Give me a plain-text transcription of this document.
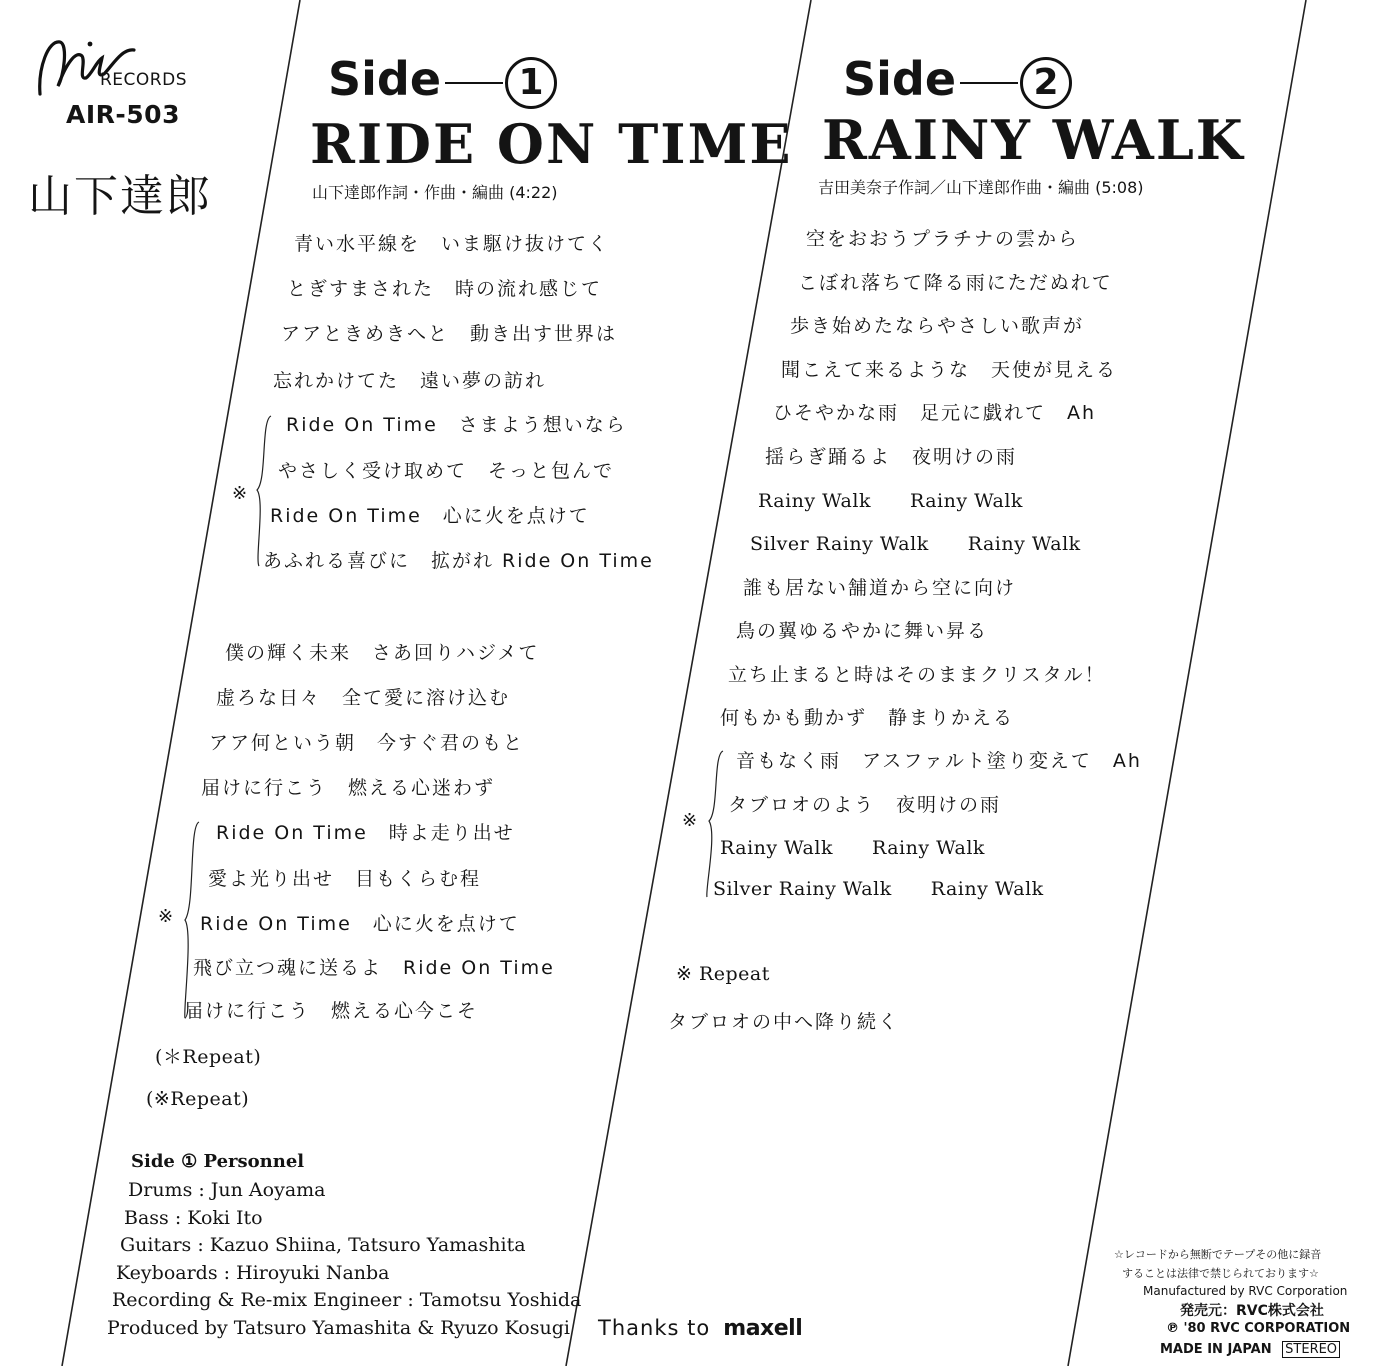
RECORDS
AIR-503
山下達郎
Side 1
RIDE ON TIME
山下達郎作詞・作曲・編曲 (4:22)
青い水平線を　いま駆け抜けてく
とぎすまされた　時の流れ感じて
アアときめきへと　動き出す世界は
忘れかけてた　遠い夢の訪れ
※
Ride On Time　さまよう想いなら
やさしく受け取めて　そっと包んで
Ride On Time　心に火を点けて
あふれる喜びに　拡がれ Ride On Time
僕の輝く未来　さあ回りハジメて
虚ろな日々　全て愛に溶け込む
アア何という朝　今すぐ君のもと
届けに行こう　燃える心迷わず
※
Ride On Time　時よ走り出せ
愛よ光り出せ　目もくらむ程
Ride On Time　心に火を点けて
飛び立つ魂に送るよ　Ride On Time
届けに行こう　燃える心今こそ
(＊Repeat)
(※Repeat)
Side ① Personnel
Drums : Jun Aoyama
Bass : Koki Ito
Guitars : Kazuo Shiina, Tatsuro Yamashita
Keyboards : Hiroyuki Nanba
Recording & Re-mix Engineer : Tamotsu Yoshida
Produced by Tatsuro Yamashita & Ryuzo Kosugi
Side 2
RAINY WALK
吉田美奈子作詞／山下達郎作曲・編曲 (5:08)
空をおおうプラチナの雲から
こぼれ落ちて降る雨にただぬれて
歩き始めたならやさしい歌声が
聞こえて来るような　天使が見える
ひそやかな雨　足元に戯れて　Ah
揺らぎ踊るよ　夜明けの雨
Rainy Walk　　Rainy Walk
Silver Rainy Walk　　Rainy Walk
誰も居ない舗道から空に向け
鳥の翼ゆるやかに舞い昇る
立ち止まると時はそのままクリスタル！
何もかも動かず　静まりかえる
※
音もなく雨　アスファルト塗り変えて　Ah
タブロオのよう　夜明けの雨
Rainy Walk　　Rainy Walk
Silver Rainy Walk　　Rainy Walk
※ Repeat
タブロオの中へ降り続く
Thanks to maxell
☆レコードから無断でテープその他に録音
することは法律で禁じられております☆
Manufactured by RVC Corporation
発売元：RVC株式会社
℗ '80 RVC CORPORATION
MADE IN JAPAN STEREO
